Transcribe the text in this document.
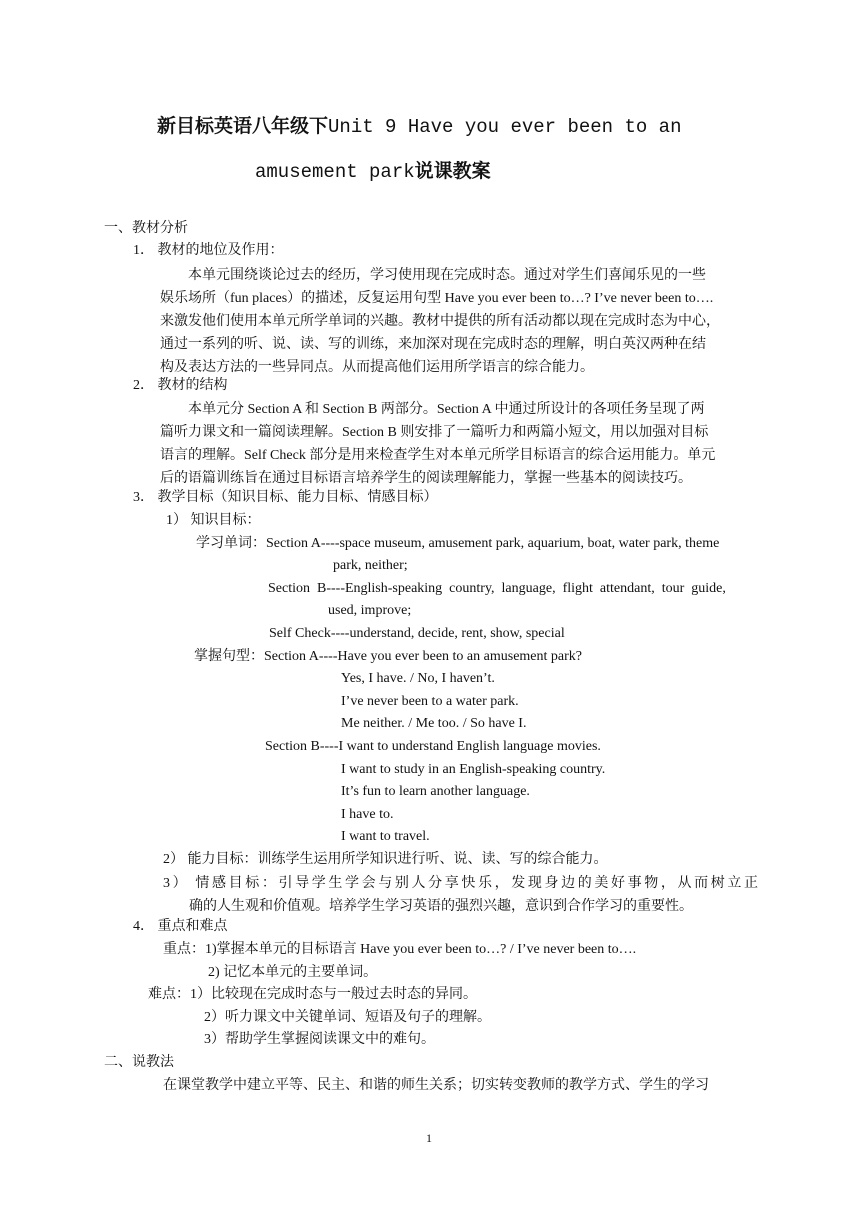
新目标英语八年级下Unit 9 Have you ever been to an
amusement park说课教案
一、教材分析
1． 教材的地位及作用：
本单元围绕谈论过去的经历，学习使用现在完成时态。通过对学生们喜闻乐见的一些
娱乐场所（fun places）的描述，反复运用句型 Have you ever been to…? I’ve never been to….
来激发他们使用本单元所学单词的兴趣。教材中提供的所有活动都以现在完成时态为中心，
通过一系列的听、说、读、写的训练，来加深对现在完成时态的理解，明白英汉两种在结
构及表达方法的一些异同点。从而提高他们运用所学语言的综合能力。
2． 教材的结构
本单元分 Section A 和 Section B 两部分。Section A 中通过所设计的各项任务呈现了两
篇听力课文和一篇阅读理解。Section B 则安排了一篇听力和两篇小短文，用以加强对目标
语言的理解。Self Check 部分是用来检查学生对本单元所学目标语言的综合运用能力。单元
后的语篇训练旨在通过目标语言培养学生的阅读理解能力，掌握一些基本的阅读技巧。
3． 教学目标（知识目标、能力目标、情感目标）
1） 知识目标：
学习单词：Section A----space museum, amusement park, aquarium, boat, water park, theme
park, neither;
Section  B----English-speaking  country,  language,  flight  attendant,  tour  guide,
used, improve;
Self Check----understand, decide, rent, show, special
掌握句型：Section A----Have you ever been to an amusement park?
Yes, I have. / No, I haven’t.
I’ve never been to a water park.
Me neither. / Me too. / So have I.
Section B----I want to understand English language movies.
I want to study in an English-speaking country.
It’s fun to learn another language.
I have to.
I want to travel.
2） 能力目标：训练学生运用所学知识进行听、说、读、写的综合能力。
3） 情感目标：引导学生学会与别人分享快乐，发现身边的美好事物，从而树立正
确的人生观和价值观。培养学生学习英语的强烈兴趣，意识到合作学习的重要性。
4． 重点和难点
重点：1)掌握本单元的目标语言 Have you ever been to…? / I’ve never been to….
2) 记忆本单元的主要单词。
难点：1）比较现在完成时态与一般过去时态的异同。
2）听力课文中关键单词、短语及句子的理解。
3）帮助学生掌握阅读课文中的难句。
二、说教法
在课堂教学中建立平等、民主、和谐的师生关系；切实转变教师的教学方式、学生的学习
1
